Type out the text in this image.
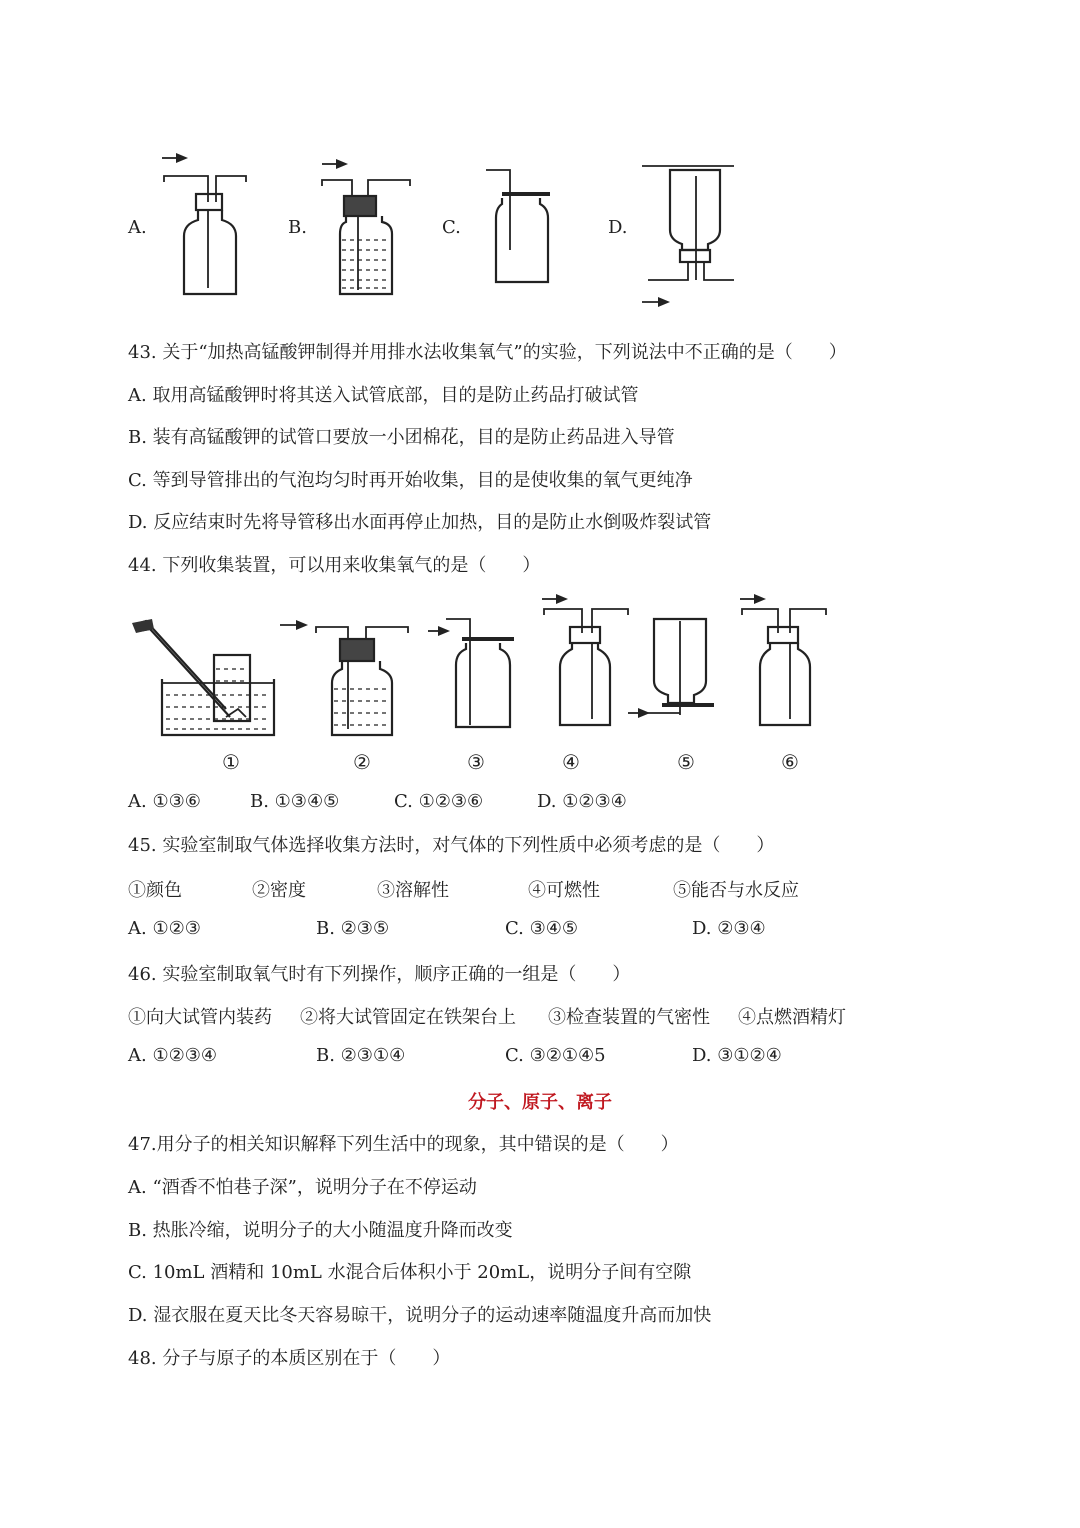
A.	B.	C.	D.
43. 关于“加热高锰酸钾制得并用排水法收集氧气”的实验，下列说法中不正确的是（　　）
A. 取用高锰酸钾时将其送入试管底部，目的是防止药品打破试管
B. 装有高锰酸钾的试管口要放一小团棉花，目的是防止药品进入导管
C. 等到导管排出的气泡均匀时再开始收集，目的是使收集的氧气更纯净
D. 反应结束时先将导管移出水面再停止加热，目的是防止水倒吸炸裂试管
44. 下列收集装置，可以用来收集氧气的是（　　）
①	②	③	④	⑤	⑥
A. ①③⑥	B. ①③④⑤	C. ①②③⑥	D. ①②③④
45. 实验室制取气体选择收集方法时，对气体的下列性质中必须考虑的是（　　）
①颜色	②密度	③溶解性	④可燃性	⑤能否与水反应
A. ①②③	B. ②③⑤	C. ③④⑤	D. ②③④
46. 实验室制取氧气时有下列操作，顺序正确的一组是（　　）
①向大试管内装药 ②将大试管固定在铁架台上 ③检查装置的气密性 ④点燃酒精灯
A. ①②③④	B. ②③①④	C. ③②①④5	D. ③①②④
分子、原子、离子
47.用分子的相关知识解释下列生活中的现象，其中错误的是（　　）
A. “酒香不怕巷子深”，说明分子在不停运动
B. 热胀冷缩，说明分子的大小随温度升降而改变
C. 10mL 酒精和 10mL 水混合后体积小于 20mL，说明分子间有空隙
D. 湿衣服在夏天比冬天容易晾干，说明分子的运动速率随温度升高而加快
48. 分子与原子的本质区别在于（　　）
